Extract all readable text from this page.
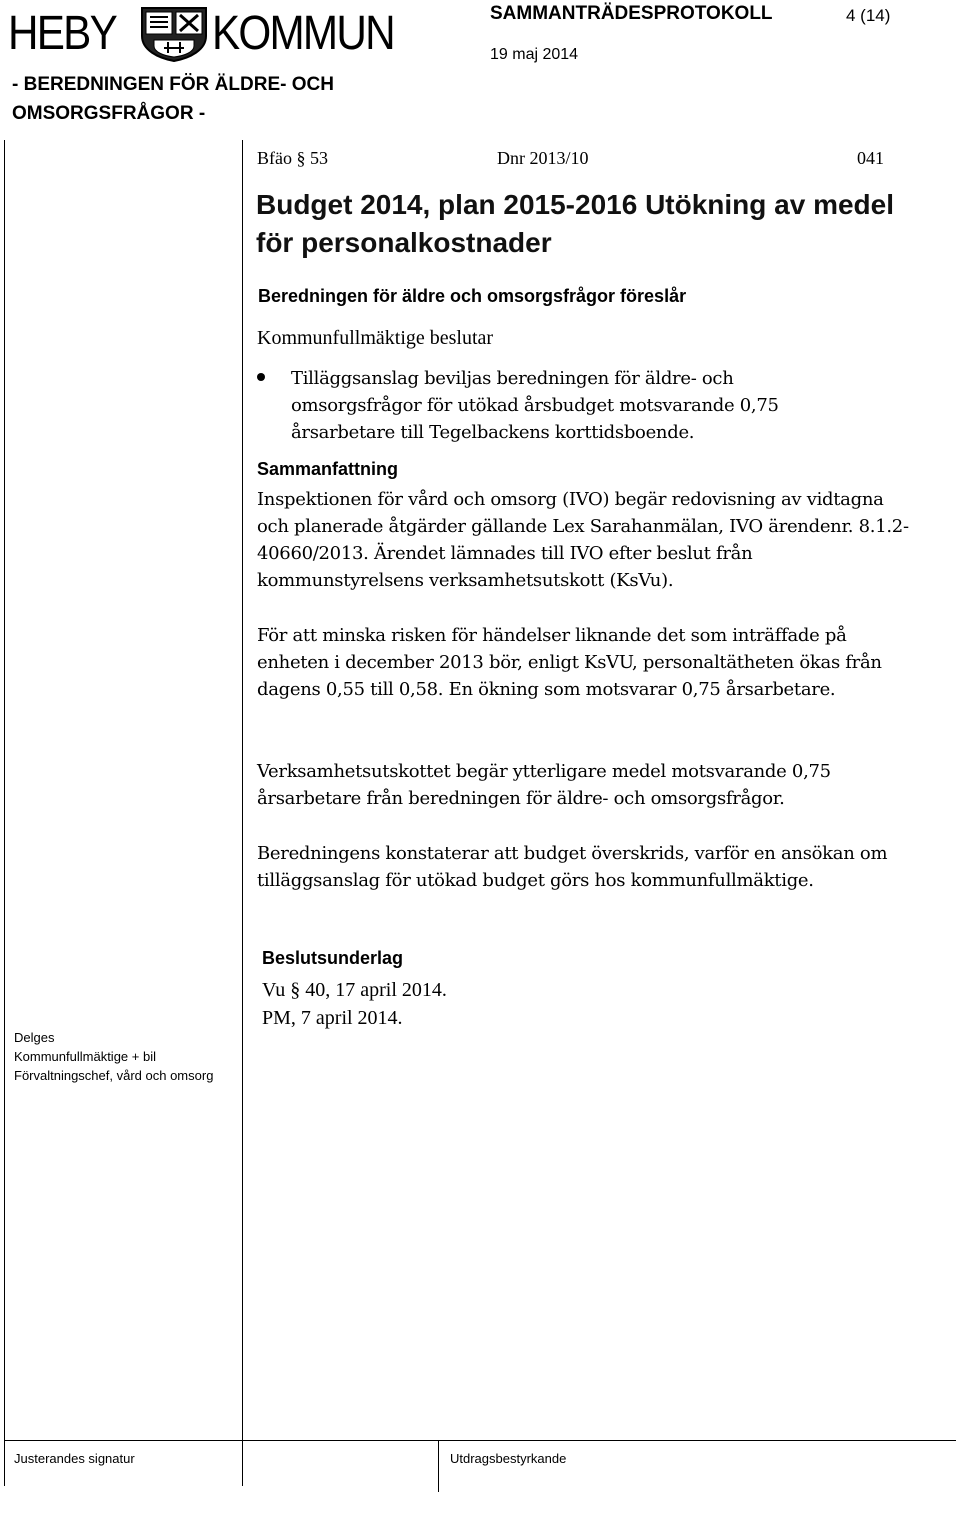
HEBY KOMMUN	SAMMANTRÄDESPROTOKOLL	4 (14)
19 maj 2014
- BEREDNINGEN FÖR ÄLDRE- OCH
OMSORGSFRÅGOR -
Bfäo § 53	Dnr 2013/10	041
Budget 2014, plan 2015-2016 Utökning av medel
för personalkostnader
Beredningen för äldre och omsorgsfrågor föreslår
Kommunfullmäktige beslutar
Tilläggsanslag beviljas beredningen för äldre- och
omsorgsfrågor för utökad årsbudget motsvarande 0,75
årsarbetare till Tegelbackens korttidsboende.
Sammanfattning
Inspektionen för vård och omsorg (IVO) begär redovisning av vidtagna och planerade åtgärder gällande Lex Sarahanmälan, IVO ärendenr. 8.1.2-40660/2013. Ärendet lämnades till IVO efter beslut från kommunstyrelsens verksamhetsutskott (KsVu).
För att minska risken för händelser liknande det som inträffade på enheten i december 2013 bör, enligt KsVU, personaltätheten ökas från dagens 0,55 till 0,58. En ökning som motsvarar 0,75 årsarbetare.
Verksamhetsutskottet begär ytterligare medel motsvarande 0,75 årsarbetare från beredningen för äldre- och omsorgsfrågor.
Beredningens konstaterar att budget överskrids, varför en ansökan om tilläggsanslag för utökad budget görs hos kommunfullmäktige.
Beslutsunderlag
Vu § 40, 17 april 2014.
PM, 7 april 2014.
Delges
Kommunfullmäktige + bil
Förvaltningschef, vård och omsorg
Justerandes signatur	Utdragsbestyrkande
